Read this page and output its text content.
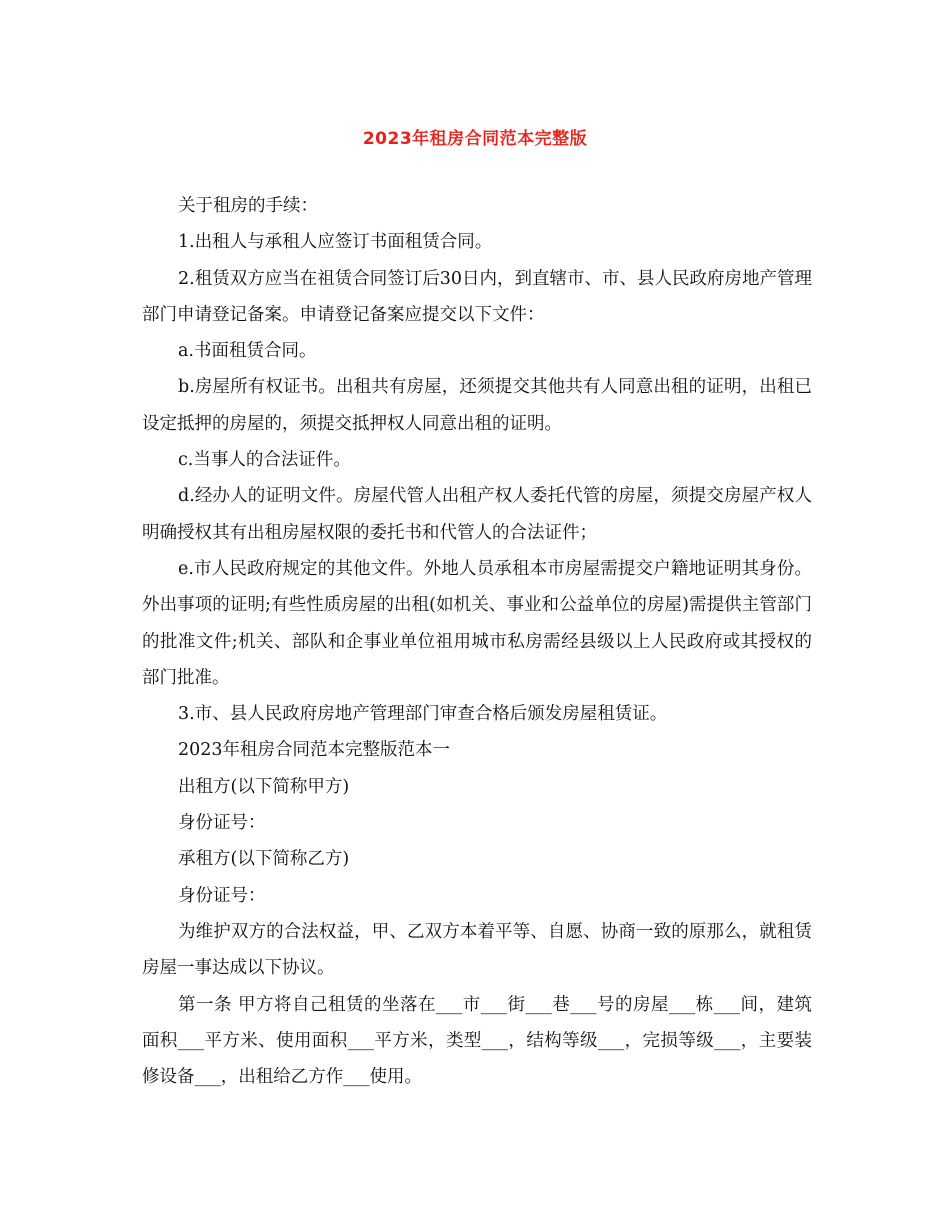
2023年租房合同范本完整版

关于租房的手续：

1.出租人与承租人应签订书面租赁合同。

2.租赁双方应当在祖赁合同签订后30日内，到直辖市、市、县人民政府房地产管理部门申请登记备案。申请登记备案应提交以下文件：

a.书面租赁合同。

b.房屋所有权证书。出租共有房屋，还须提交其他共有人同意出租的证明，出租已设定抵押的房屋的，须提交抵押权人同意出租的证明。

c.当事人的合法证件。

d.经办人的证明文件。房屋代管人出租产权人委托代管的房屋，须提交房屋产权人明确授权其有出租房屋权限的委托书和代管人的合法证件；

e.市人民政府规定的其他文件。外地人员承租本市房屋需提交户籍地证明其身份。外出事项的证明;有些性质房屋的出租(如机关、事业和公益单位的房屋)需提供主管部门的批准文件;机关、部队和企事业单位祖用城市私房需经县级以上人民政府或其授权的部门批准。

3.市、县人民政府房地产管理部门审查合格后颁发房屋租赁证。

2023年租房合同范本完整版范本一

出租方(以下简称甲方)

身份证号：

承租方(以下简称乙方)

身份证号：

为维护双方的合法权益，甲、乙双方本着平等、自愿、协商一致的原那么，就租赁房屋一事达成以下协议。

第一条 甲方将自己租赁的坐落在___市___街___巷___号的房屋___栋___间，建筑面积___平方米、使用面积___平方米，类型___，结构等级___，完损等级___，主要装修设备___，出租给乙方作___使用。
